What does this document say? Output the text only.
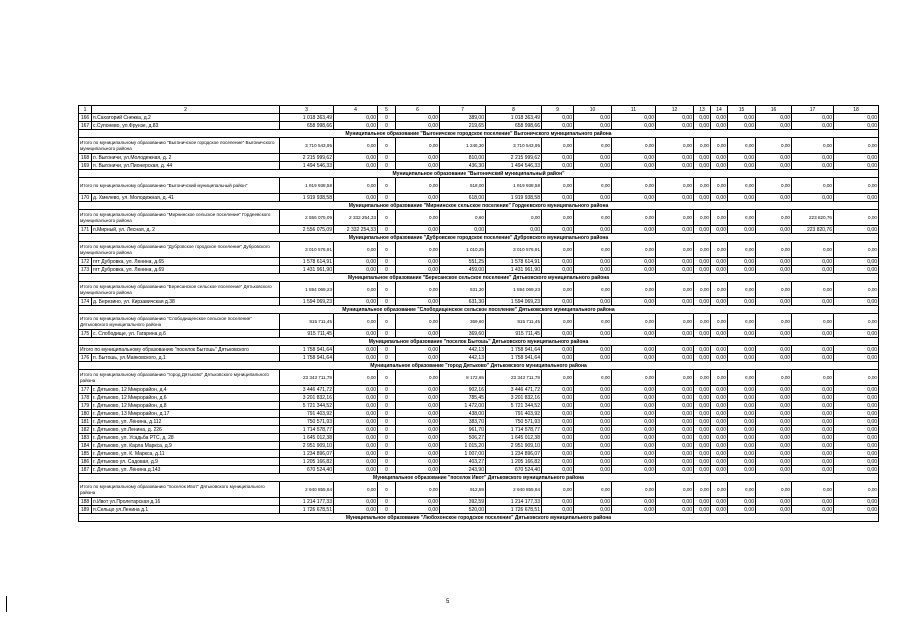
1	2	3	4	5	6	7	8	9	10	11	12	13	14	15	16	17	18
166	п.Сахаторий Снежка, д.2	1 018 363,49	0,00	0	0,00	389,00	1 018 363,49	0,00	0,00	0,00	0,00	0,00	0,00	0,00	0,00	0,00	0,00
167	с.Супонево, ул.Фрунзе, д.83	658 998,66	0,00	0	0,00	219,65	658 998,66	0,00	0,00	0,00	0,00	0,00	0,00	0,00	0,00	0,00	0,00
Муниципальное образование "Выгоничское городское поселение" Выгоничского муниципального района																	
Итого по муниципальному образованию "Выгоничское городское поселение" Выгоничского муниципального района		3 710 543,95	0,00	0	0,00	1 246,30	3 710 543,95	0,00	0,00	0,00	0,00	0,00	0,00	0,00	0,00	0,00	0,00
168	п. Выгоничи, ул.Молодежная, д. 2	2 215 999,62	0,00	0	0,00	810,00	2 215 999,62	0,00	0,00	0,00	0,00	0,00	0,00	0,00	0,00	0,00	0,00
169	п. Выгоничи, ул.Пионерская, д. 44	1 494 546,33	0,00	0	0,00	436,30	1 494 546,33	0,00	0,00	0,00	0,00	0,00	0,00	0,00	0,00	0,00	0,00
Муниципальное образование "Выгоничский муниципальный район"																	
Итого по муниципальному образованию "Выгоничский муниципальный район"		1 919 938,58	0,00	0	0,00	618,00	1 919 938,58	0,00	0,00	0,00	0,00	0,00	0,00	0,00	0,00	0,00	0,00
170	д. Хмелево, ул. Молодежная, д. 41	1 919 938,58	0,00	0	0,00	618,00	1 919 938,58	0,00	0,00	0,00	0,00	0,00	0,00	0,00	0,00	0,00	0,00
Муниципальное образование "Мирнинское сельское поселение" Гордеевского муниципального района																	
Итого по муниципальному образованию "Мирнинское сельское поселение" Гордеевского муниципального района		2 556 075,09	2 332 254,33	0	0,00	0,60	0,00	0,00	0,00	0,00	0,00	0,00	0,00	0,00	0,00	223 820,76	0,00
171	п.Мирный, ул. Лесная, д. 2	2 556 075,09	2 332 254,33	0	0,00	0,00	0,00	0,00	0,00	0,00	0,00	0,00	0,00	0,00	0,00	223 820,76	0,00
Муниципальное образование "Дубровское городское поселение" Дубровского муниципального района																	
Итого по муниципальному образованию "Дубровское городское поселение" Дубровского муниципального района		3 010 576,81	0,00	0	0,00	1 010,25	3 010 576,81	0,00	0,00	0,00	0,00	0,00	0,00	0,00	0,00	0,00	0,00
172	пгт Дубровка, ул. Ленина, д.65	1 578 614,91	0,00	0	0,00	551,25	1 578 614,91	0,00	0,00	0,00	0,00	0,00	0,00	0,00	0,00	0,00	0,00
173	пгт Дубровка, ул. Ленина, д.69	1 431 961,90	0,00	0	0,00	459,00	1 431 961,90	0,00	0,00	0,00	0,00	0,00	0,00	0,00	0,00	0,00	0,00
Муниципальное образование "Бересанское сельское поселение" Дятьковского муниципального района																	
Итого по муниципальному образованию "Бересанское сельское поселение" Дятьковского муниципального района		1 594 069,23	0,00	0	0,00	631,30	1 594 069,23	0,00	0,00	0,00	0,00	0,00	0,00	0,00	0,00	0,00	0,00
174	д. Березино, ул. Кирзавичская д.38	1 594 069,23	0,00	0	0,00	631,30	1 594 069,23	0,00	0,00	0,00	0,00	0,00	0,00	0,00	0,00	0,00	0,00
Муниципальное образование "Слободищенское сельское поселение" Дятьковского муниципального района																	
Итого по муниципальному образованию "Слободищенское сельское поселение" Дятьковского муниципального района		915 711,45	0,00	0	0,00	369,60	915 711,45	0,00	0,00	0,00	0,00	0,00	0,00	0,00	0,00	0,00	0,00
175	с. Слободище, ул. Гагарина д.6	915 711,45	0,00	0	0,00	369,60	915 711,45	0,00	0,00	0,00	0,00	0,00	0,00	0,00	0,00	0,00	0,00
Муниципальное образование "поселок Бытошь" Дятьковского муниципального района																	
Итого по муниципальному образованию "поселок Бытошь" Дятьковского		1 758 941,64	0,00	0	0,00	442,13	1 758 941,64	0,00	0,00	0,00	0,00	0,00	0,00	0,00	0,00	0,00	0,00
176	п. Бытошь, ул.Маяковского, д.1	1 758 941,64	0,00	0	0,00	442,13	1 758 941,64	0,00	0,00	0,00	0,00	0,00	0,00	0,00	0,00	0,00	0,00
Муниципальное образование "город Дятьково" Дятьковского муниципального района																	
Итого по муниципальному образованию "город Дятьково" Дятьковского муниципального района		23 343 711,79	0,00	0	0,00	8 172,65	23 343 711,79	0,00	0,00	0,00	0,00	0,00	0,00	0,00	0,00	0,00	0,00
177	г. Дятьково, 12 Микрорайон, д.4	3 446 471,72	0,00	0	0,00	902,16	3 446 471,72	0,00	0,00	0,00	0,00	0,00	0,00	0,00	0,00	0,00	0,00
178	г. Дятьково, 12 Микрорайон, д.6	3 201 832,16	0,00	0	0,00	785,45	3 201 832,16	0,00	0,00	0,00	0,00	0,00	0,00	0,00	0,00	0,00	0,00
179	г. Дятьково, 12 Микрорайон, д.8	5 721 344,52	0,00	0	0,00	1 472,00	5 721 344,52	0,00	0,00	0,00	0,00	0,00	0,00	0,00	0,00	0,00	0,00
180	г. Дятьково, 13 Микрорайон, д.17	791 403,92	0,00	0	0,00	438,00	791 403,92	0,00	0,00	0,00	0,00	0,00	0,00	0,00	0,00	0,00	0,00
181	г. Дятьково, ул. Ленина, д.112	750 571,93	0,00	0	0,00	383,70	750 571,93	0,00	0,00	0,00	0,00	0,00	0,00	0,00	0,00	0,00	0,00
182	г. Дятьково, ул.Ленина, д. 226	1 714 578,77	0,00	0	0,00	961,70	1 714 578,77	0,00	0,00	0,00	0,00	0,00	0,00	0,00	0,00	0,00	0,00
183	г. Дятьково, ул. Усадьба РТС, д. 28	1 645 012,38	0,00	0	0,00	506,27	1 645 012,38	0,00	0,00	0,00	0,00	0,00	0,00	0,00	0,00	0,00	0,00
184	г. Дятьково, ул. Карла Маркса, д.9	2 951 909,10	0,00	0	0,00	1 015,20	2 951 909,10	0,00	0,00	0,00	0,00	0,00	0,00	0,00	0,00	0,00	0,00
185	г. Дятьково, ул. К. Маркса, д.11	1 234 896,07	0,00	0	0,00	1 007,00	1 234 896,07	0,00	0,00	0,00	0,00	0,00	0,00	0,00	0,00	0,00	0,00
186	г. Дятьково ул. Садовая, д.9	1 205 166,82	0,00	0	0,00	403,27	1 205 166,82	0,00	0,00	0,00	0,00	0,00	0,00	0,00	0,00	0,00	0,00
187	г. Дятьково, ул. Ленина д.143	670 524,40	0,00	0	0,00	243,90	670 524,40	0,00	0,00	0,00	0,00	0,00	0,00	0,00	0,00	0,00	0,00
Муниципальное образование "поселок Ивот" Дятьковского муниципального района																	
Итого по муниципальному образованию "поселок Ивот" Дятьковского муниципального района		2 940 855,84	0,00	0	0,00	912,59	2 940 855,84	0,00	0,00	0,00	0,00	0,00	0,00	0,00	0,00	0,00	0,00
188	п.Ивот ул.Пролетарская д.16	1 214 177,33	0,00	0	0,00	392,59	1 214 177,33	0,00	0,00	0,00	0,00	0,00	0,00	0,00	0,00	0,00	0,00
189	п.Сельцо ул.Ленина д.1	1 726 678,51	0,00	0	0,00	520,00	1 726 678,51	0,00	0,00	0,00	0,00	0,00	0,00	0,00	0,00	0,00	0,00
Муниципальное образование "Любохонское городское поселение" Дятьковского муниципального района																	
5
